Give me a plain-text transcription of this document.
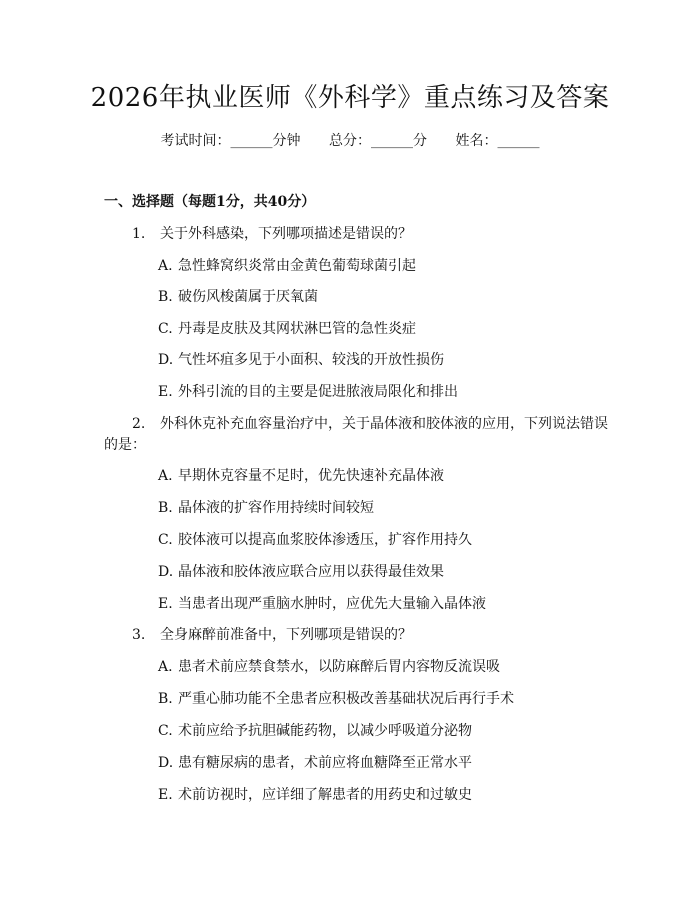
2026年执业医师《外科学》重点练习及答案
考试时间：______分钟 总分：______分 姓名：______
一、选择题（每题1分，共40分）
1. 关于外科感染，下列哪项描述是错误的？
A. 急性蜂窝织炎常由金黄色葡萄球菌引起
B. 破伤风梭菌属于厌氧菌
C. 丹毒是皮肤及其网状淋巴管的急性炎症
D. 气性坏疽多见于小面积、较浅的开放性损伤
E. 外科引流的目的主要是促进脓液局限化和排出
2. 外科休克补充血容量治疗中，关于晶体液和胶体液的应用，下列说法错误
的是：
A. 早期休克容量不足时，优先快速补充晶体液
B. 晶体液的扩容作用持续时间较短
C. 胶体液可以提高血浆胶体渗透压，扩容作用持久
D. 晶体液和胶体液应联合应用以获得最佳效果
E. 当患者出现严重脑水肿时，应优先大量输入晶体液
3. 全身麻醉前准备中，下列哪项是错误的？
A. 患者术前应禁食禁水，以防麻醉后胃内容物反流误吸
B. 严重心肺功能不全患者应积极改善基础状况后再行手术
C. 术前应给予抗胆碱能药物，以减少呼吸道分泌物
D. 患有糖尿病的患者，术前应将血糖降至正常水平
E. 术前访视时，应详细了解患者的用药史和过敏史
